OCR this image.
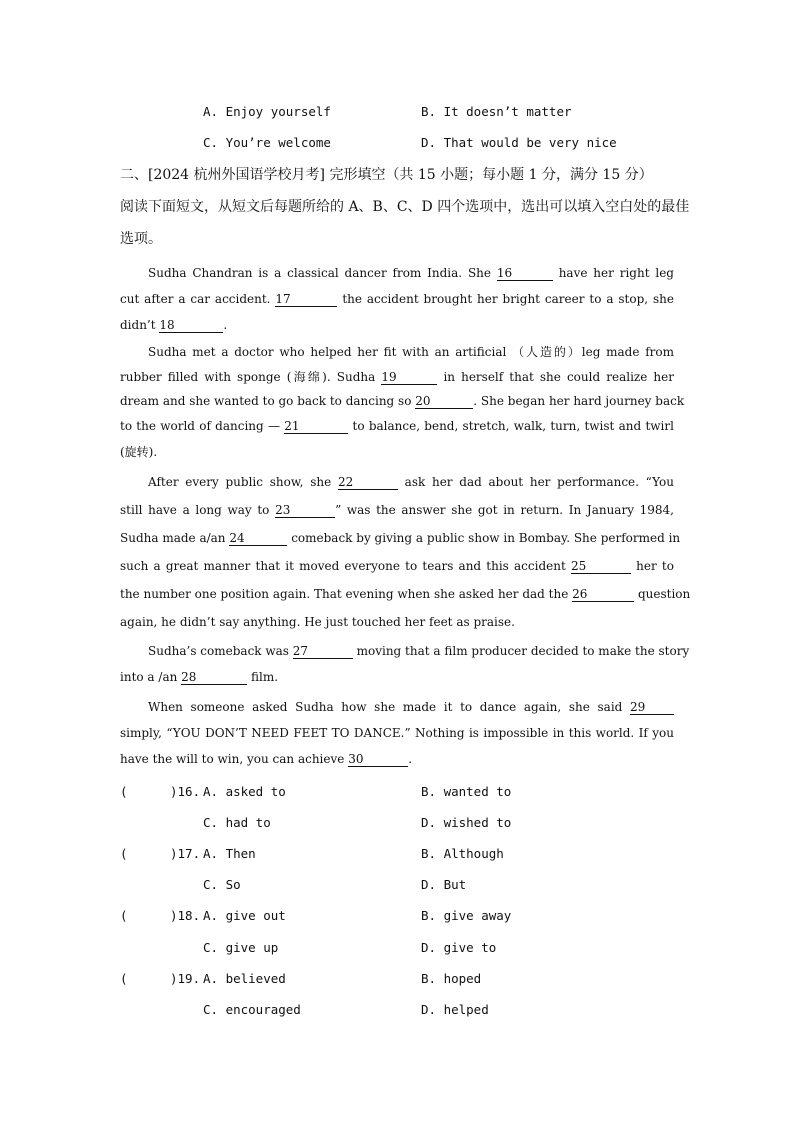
A. Enjoy yourself	B. It doesn’t matter
C. You’re welcome	D. That would be very nice
二、[2024 杭州外国语学校月考] 完形填空（共 15 小题；每小题 1 分，满分 15 分）
阅读下面短文，从短文后每题所给的 A、B、C、D 四个选项中，选出可以填入空白处的最佳
选项。
Sudha Chandran is a classical dancer from India. She 16	have her right leg
cut after a car accident. 17	the accident brought her bright career to a stop, she
didn’t 18	.
Sudha met a doctor who helped her fit with an artificial （人造的）leg made from
rubber filled with sponge (海绵). Sudha 19	in herself that she could realize her
dream and she wanted to go back to dancing so 20	. She began her hard journey back
to the world of dancing — 21	to balance, bend, stretch, walk, turn, twist and twirl
(旋转).
After every public show, she 22	ask her dad about her performance. “You
still have a long way to 23	” was the answer she got in return. In January 1984,
Sudha made a/an 24	comeback by giving a public show in Bombay. She performed in
such a great manner that it moved everyone to tears and this accident 25	her to
the number one position again. That evening when she asked her dad the 26	question
again, he didn’t say anything. He just touched her feet as praise.
Sudha’s comeback was 27	moving that a film producer decided to make the story
into a /an 28	film.
When someone asked Sudha how she made it to dance again, she said 29
simply, “YOU DON’T NEED FEET TO DANCE.” Nothing is impossible in this world. If you
have the will to win, you can achieve 30	.
(	)16. A. asked to	B. wanted to
C. had to	D. wished to
(	)17. A. Then	B. Although
C. So	D. But
(	)18. A. give out	B. give away
C. give up	D. give to
(	)19. A. believed	B. hoped
C. encouraged	D. helped
